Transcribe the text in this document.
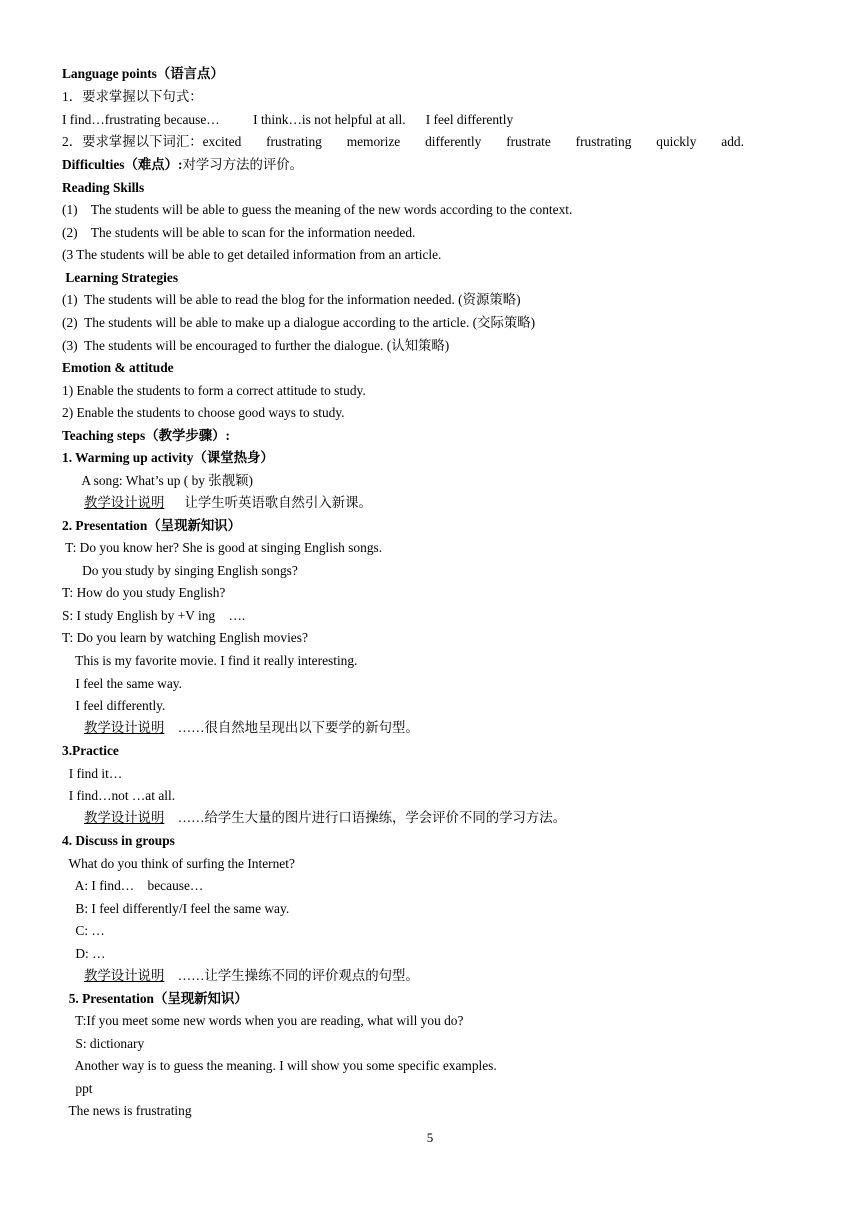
Language points（语言点）
1．要求掌握以下句式：
I find…frustrating because…          I think…is not helpful at all.      I feel differently
2．要求掌握以下词汇：excited frustrating memorize differently frustrate frustrating quickly add.
Difficulties（难点）:对学习方法的评价。
Reading Skills
(1)    The students will be able to guess the meaning of the new words according to the context.
(2)    The students will be able to scan for the information needed.
(3 The students will be able to get detailed information from an article.
Learning Strategies
(1)  The students will be able to read the blog for the information needed. (资源策略)
(2)  The students will be able to make up a dialogue according to the article. (交际策略)
(3)  The students will be encouraged to further the dialogue. (认知策略)
Emotion & attitude
1) Enable the students to form a correct attitude to study.
2) Enable the students to choose good ways to study.
Teaching steps（教学步骤）:
1. Warming up activity（课堂热身）
A song: What’s up ( by 张靓颖)
教学设计说明 让学生听英语歌自然引入新课。
2. Presentation（呈现新知识）
T: Do you know her? She is good at singing English songs.
Do you study by singing English songs?
T: How do you study English?
S: I study English by +V ing    ….
T: Do you learn by watching English movies?
This is my favorite movie. I find it really interesting.
I feel the same way.
I feel differently.
教学设计说明 ……很自然地呈现出以下要学的新句型。
3.Practice
I find it…
I find…not …at all.
教学设计说明 ……给学生大量的图片进行口语操练，学会评价不同的学习方法。
4. Discuss in groups
What do you think of surfing the Internet?
A: I find…    because…
B: I feel differently/I feel the same way.
C: …
D: …
教学设计说明 ……让学生操练不同的评价观点的句型。
5. Presentation（呈现新知识）
T:If you meet some new words when you are reading, what will you do?
S: dictionary
Another way is to guess the meaning. I will show you some specific examples.
ppt
The news is frustrating
5
